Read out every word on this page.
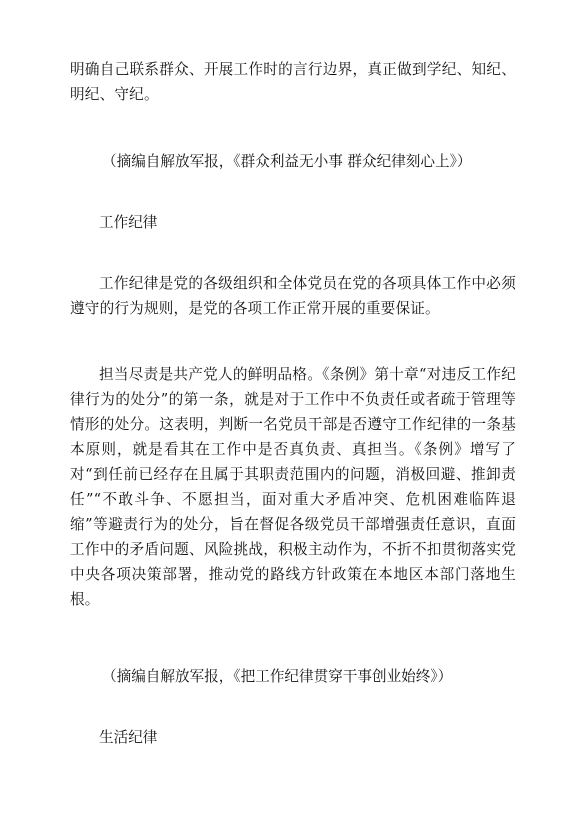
明确自己联系群众、开展工作时的言行边界，真正做到学纪、知纪、明纪、守纪。

（摘编自解放军报，《群众利益无小事 群众纪律刻心上》）

工作纪律

工作纪律是党的各级组织和全体党员在党的各项具体工作中必须遵守的行为规则，是党的各项工作正常开展的重要保证。

担当尽责是共产党人的鲜明品格。《条例》第十章“对违反工作纪律行为的处分”的第一条，就是对于工作中不负责任或者疏于管理等情形的处分。这表明，判断一名党员干部是否遵守工作纪律的一条基本原则，就是看其在工作中是否真负责、真担当。《条例》增写了对“到任前已经存在且属于其职责范围内的问题，消极回避、推卸责任”“不敢斗争、不愿担当，面对重大矛盾冲突、危机困难临阵退缩”等避责行为的处分，旨在督促各级党员干部增强责任意识，直面工作中的矛盾问题、风险挑战，积极主动作为，不折不扣贯彻落实党中央各项决策部署，推动党的路线方针政策在本地区本部门落地生根。

（摘编自解放军报，《把工作纪律贯穿干事创业始终》）

生活纪律
